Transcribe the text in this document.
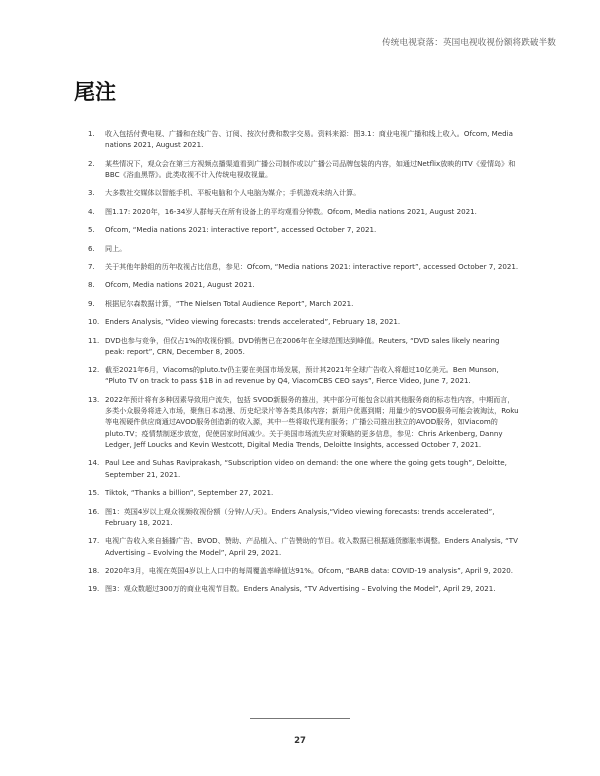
传统电视衰落：英国电视收视份额将跌破半数
尾注
1. 收入包括付费电视、广播和在线广告、订阅、按次付费和数字交易。资料来源：图3.1：商业电视广播和线上收入。Ofcom, Media nations 2021, August 2021.
2. 某些情况下，观众会在第三方视频点播渠道看到广播公司制作或以广播公司品牌包装的内容，如通过Netflix放映的ITV《爱情岛》和BBC《浴血黑帮》。此类收视不计入传统电视收视量。
3. 大多数社交媒体以智能手机、平板电脑和个人电脑为媒介；手机游戏未纳入计算。
4. 图1.17: 2020年，16-34岁人群每天在所有设备上的平均观看分钟数。Ofcom, Media nations 2021, August 2021.
5. Ofcom, “Media nations 2021: interactive report”, accessed October 7, 2021.
6. 同上。
7. 关于其他年龄组的历年收视占比信息，参见：Ofcom, “Media nations 2021: interactive report”, accessed October 7, 2021.
8. Ofcom, Media nations 2021, August 2021.
9. 根据尼尔森数据计算，“The Nielsen Total Audience Report”, March 2021.
10. Enders Analysis, “Video viewing forecasts: trends accelerated”, February 18, 2021.
11. DVD也参与竞争，但仅占1%的收视份额。DVD销售已在2006年在全球范围达到峰值。Reuters, “DVD sales likely nearing peak: report”, CRN, December 8, 2005.
12. 截至2021年6月，Viacoms的pluto.tv仍主要在美国市场发展，预计其2021年全球广告收入将超过10亿美元。Ben Munson, “Pluto TV on track to pass $1B in ad revenue by Q4, ViacomCBS CEO says”, Fierce Video, June 7, 2021.
13. 2022年预计将有多种因素导致用户流失，包括 SVOD新服务的推出，其中部分可能包含以前其他服务商的标志性内容，中期而言，多类小众服务将进入市场，聚焦日本动漫、历史纪录片等各类具体内容；新用户优惠到期；用量少的SVOD服务可能会被淘汰，Roku等电视硬件供应商通过AVOD服务创造新的收入源，其中一些将取代现有服务；广播公司推出独立的AVOD服务，如Viacom的pluto.TV；疫情禁制逐步放宽，促使居家时间减少。关于美国市场流失应对策略的更多信息，参见：Chris Arkenberg, Danny Ledger, Jeff Loucks and Kevin Westcott, Digital Media Trends, Deloitte Insights, accessed October 7, 2021.
14. Paul Lee and Suhas Raviprakash, “Subscription video on demand: the one where the going gets tough”, Deloitte, September 21, 2021.
15. Tiktok, “Thanks a billion”, September 27, 2021.
16. 图1：英国4岁以上观众视频收视份额（分钟/人/天）。Enders Analysis,“Video viewing forecasts: trends accelerated”, February 18, 2021.
17. 电视广告收入来自插播广告、BVOD、赞助、产品植入、广告赞助的节目。收入数据已根据通货膨胀率调整。Enders Analysis, “TV Advertising – Evolving the Model”, April 29, 2021.
18. 2020年3月，电视在英国4岁以上人口中的每周覆盖率峰值达91%。Ofcom, “BARB data: COVID-19 analysis”, April 9, 2020.
19. 图3：观众数超过300万的商业电视节目数。Enders Analysis, “TV Advertising – Evolving the Model”, April 29, 2021.
27
